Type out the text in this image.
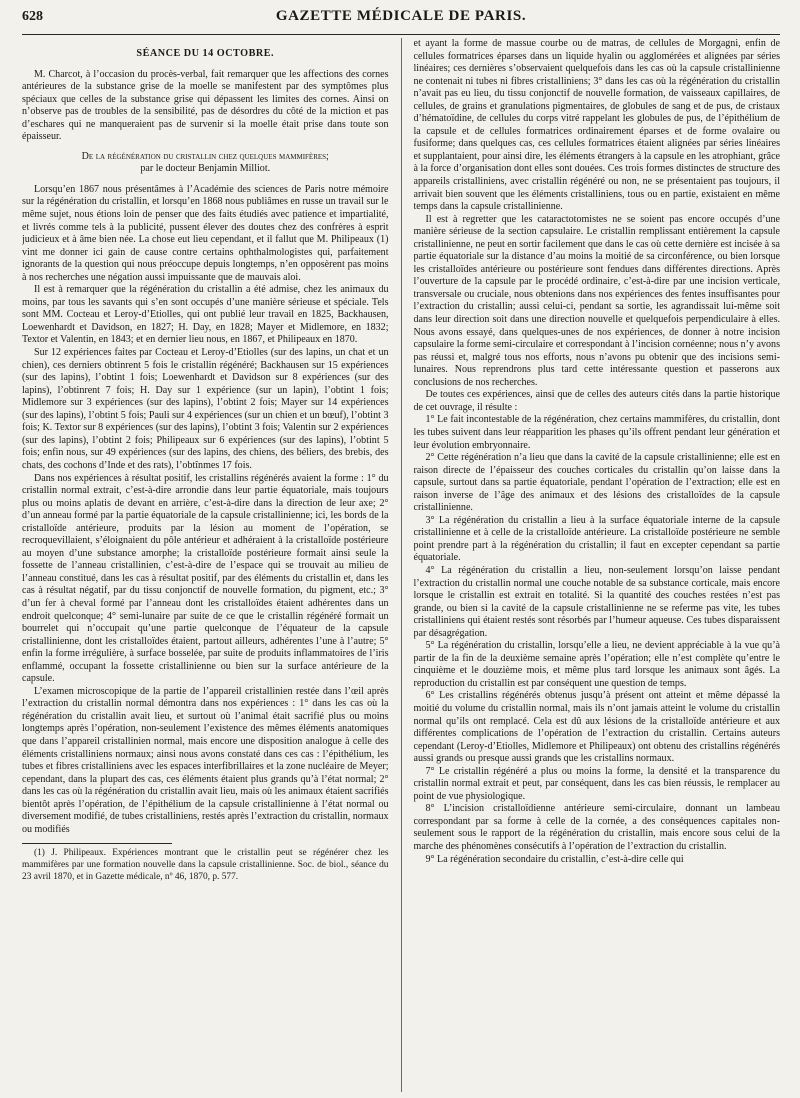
628	GAZETTE MÉDICALE DE PARIS.

SÉANCE DU 14 OCTOBRE.

M. Charcot, à l’occasion du procès-verbal, fait remarquer que les affections des cornes antérieures de la substance grise de la moelle se manifestent par des symptômes plus spéciaux que celles de la substance grise qui dépassent les limites des cornes. Ainsi on n’observe pas de troubles de la sensibilité, pas de désordres du côté de la miction et pas d’eschares qui ne manqueraient pas de survenir si la moelle était prise dans toute son épaisseur.

De la régénération du cristallin chez quelques mammifères;
par le docteur Benjamin Milliot.

Lorsqu’en 1867 nous présentâmes à l’Académie des sciences de Paris notre mémoire sur la régénération du cristallin, et lorsqu’en 1868 nous publiâmes en russe un travail sur le même sujet, nous étions loin de penser que des faits étudiés avec patience et impartialité, et livrés comme tels à la publicité, pussent élever des doutes chez des confrères à esprit judicieux et à âme bien née. La chose eut lieu cependant, et il fallut que M. Philipeaux (1) vint me donner ici gain de cause contre certains ophthalmologistes qui, parfaitement ignorants de la question qui nous préoccupe depuis longtemps, n’en opposèrent pas moins à nos recherches une négation aussi impuissante que de mauvais aloi.

Il est à remarquer que la régénération du cristallin a été admise, chez les animaux du moins, par tous les savants qui s’en sont occupés d’une manière sérieuse et spéciale. Tels sont MM. Cocteau et Leroy-d’Etiolles, qui ont publié leur travail en 1825, Backhausen, Loewenhardt et Davidson, en 1827; H. Day, en 1828; Mayer et Midlemore, en 1832; Textor et Valentin, en 1843; et en dernier lieu nous, en 1867, et Philipeaux en 1870.

Sur 12 expériences faites par Cocteau et Leroy-d’Etiolles (sur des lapins, un chat et un chien), ces derniers obtinrent 5 fois le cristallin régénéré; Backhausen sur 15 expériences (sur des lapins), l’obtint 1 fois; Loewenhardt et Davidson sur 8 expériences (sur des lapins), l’obtinrent 7 fois; H. Day sur 1 expérience (sur un lapin), l’obtint 1 fois; Midlemore sur 3 expériences (sur des lapins), l’obtint 2 fois; Mayer sur 14 expériences (sur des lapins), l’obtint 5 fois; Pauli sur 4 expériences (sur un chien et un bœuf), l’obtint 3 fois; K. Textor sur 8 expériences (sur des lapins), l’obtint 3 fois; Valentin sur 2 expériences (sur des lapins), l’obtint 2 fois; Philipeaux sur 6 expériences (sur des lapins), l’obtint 5 fois; enfin nous, sur 49 expériences (sur des lapins, des chiens, des béliers, des brebis, des chats, des cochons d’Inde et des rats), l’obtînmes 17 fois.

Dans nos expériences à résultat positif, les cristallins régénérés avaient la forme : 1° du cristallin normal extrait, c’est-à-dire arrondie dans leur partie équatoriale, mais toujours plus ou moins aplatis de devant en arrière, c’est-à-dire dans la direction de leur axe; 2° d’un anneau formé par la partie équatoriale de la capsule cristallinienne; ici, les bords de la cristalloïde antérieure, produits par la lésion au moment de l’opération, se recroquevillaient, s’éloignaient du pôle antérieur et adhéraient à la cristalloïde postérieure au moyen d’une substance amorphe; la cristalloïde postérieure formait ainsi seule la fossette de l’anneau cristallinien, c’est-à-dire de l’espace qui se trouvait au milieu de l’anneau constitué, dans les cas à résultat positif, par des éléments du cristallin et, dans les cas à résultat négatif, par du tissu conjonctif de nouvelle formation, du pigment, etc.; 3° d’un fer à cheval formé par l’anneau dont les cristalloïdes étaient adhérentes dans un endroit quelconque; 4° semi-lunaire par suite de ce que le cristallin régénéré formait un bourrelet qui n’occupait qu’une partie quelconque de l’équateur de la capsule cristallinienne, dont les cristalloïdes étaient, partout ailleurs, adhérentes l’une à l’autre; 5° enfin la forme irrégulière, à surface bosselée, par suite de produits inflammatoires de l’iris enflammé, occupant la fossette cristallinienne ou bien sur la surface antérieure de la capsule.

L’examen microscopique de la partie de l’appareil cristallinien restée dans l’œil après l’extraction du cristallin normal démontra dans nos expériences : 1° dans les cas où la régénération du cristallin avait lieu, et surtout où l’animal était sacrifié plus ou moins longtemps après l’opération, non-seulement l’existence des mêmes éléments anatomiques que dans l’appareil cristallinien normal, mais encore une disposition analogue à celle des éléments cristalliniens normaux; ainsi nous avons constaté dans ces cas : l’épithélium, les tubes et fibres cristalliniens avec les espaces interfibrillaires et la zone nucléaire de Meyer; cependant, dans la plupart des cas, ces éléments étaient plus grands qu’à l’état normal; 2° dans les cas où la régénération du cristallin avait lieu, mais où les animaux étaient sacrifiés bientôt après l’opération, de l’épithélium de la capsule cristallinienne à l’état normal ou diversement modifié, de tubes cristalliniens, restés après l’extraction du cristallin, normaux ou modifiés

(1) J. Philipeaux. Expériences montrant que le cristallin peut se régénérer chez les mammifères par une formation nouvelle dans la capsule cristallinienne. Soc. de biol., séance du 23 avril 1870, et in Gazette médicale, nº 46, 1870, p. 577.

et ayant la forme de massue courbe ou de matras, de cellules de Morgagni, enfin de cellules formatrices éparses dans un liquide hyalin ou agglomérées et alignées par séries linéaires; ces dernières s’observaient quelquefois dans les cas où la capsule cristallinienne ne contenait ni tubes ni fibres cristalliniens; 3° dans les cas où la régénération du cristallin n’avait pas eu lieu, du tissu conjonctif de nouvelle formation, de vaisseaux capillaires, de cellules, de grains et granulations pigmentaires, de globules de sang et de pus, de cristaux d’hématoïdine, de cellules du corps vitré rappelant les globules de pus, de l’épithélium de la capsule et de cellules formatrices ordinairement éparses et de forme ovalaire ou fusiforme; dans quelques cas, ces cellules formatrices étaient alignées par séries linéaires et supplantaient, pour ainsi dire, les éléments étrangers à la capsule en les atrophiant, grâce à la force d’organisation dont elles sont douées. Ces trois formes distinctes de structure des appareils cristalliniens, avec cristallin régénéré ou non, ne se présentaient pas toujours, il arrivait bien souvent que les éléments cristalliniens, tous ou en partie, existaient en même temps dans la capsule cristallinienne.

Il est à regretter que les cataractotomistes ne se soient pas encore occupés d’une manière sérieuse de la section capsulaire. Le cristallin remplissant entièrement la capsule cristallinienne, ne peut en sortir facilement que dans le cas où cette dernière est incisée à sa partie équatoriale sur la distance d’au moins la moitié de sa circonférence, ou bien lorsque les cristalloïdes antérieure ou postérieure sont fendues dans différentes directions. Après l’ouverture de la capsule par le procédé ordinaire, c’est-à-dire par une incision verticale, transversale ou cruciale, nous obtenions dans nos expériences des fentes insuffisantes pour l’extraction du cristallin; aussi celui-ci, pendant sa sortie, les agrandissait lui-même soit dans leur direction soit dans une direction nouvelle et quelquefois perpendiculaire à elles. Nous avons essayé, dans quelques-unes de nos expériences, de donner à notre incision capsulaire la forme semi-circulaire et correspondant à l’incision cornéenne; nous n’y avons pas réussi et, malgré tous nos efforts, nous n’avons pu obtenir que des incisions semi-lunaires. Nous reprendrons plus tard cette intéressante question et passerons aux conclusions de nos recherches.

De toutes ces expériences, ainsi que de celles des auteurs cités dans la partie historique de cet ouvrage, il résulte :

1° Le fait incontestable de la régénération, chez certains mammifères, du cristallin, dont les tubes suivent dans leur réapparition les phases qu’ils offrent pendant leur génération et leur évolution embryonnaire.

2° Cette régénération n’a lieu que dans la cavité de la capsule cristallinienne; elle est en raison directe de l’épaisseur des couches corticales du cristallin qu’on laisse dans la capsule, surtout dans sa partie équatoriale, pendant l’opération de l’extraction; elle est en raison inverse de l’âge des animaux et des lésions des cristalloïdes de la capsule cristallinienne.

3° La régénération du cristallin a lieu à la surface équatoriale interne de la capsule cristallinienne et à celle de la cristalloïde antérieure. La cristalloïde postérieure ne semble point prendre part à la régénération du cristallin; il faut en excepter cependant sa partie équatoriale.

4° La régénération du cristallin a lieu, non-seulement lorsqu’on laisse pendant l’extraction du cristallin normal une couche notable de sa substance corticale, mais encore lorsque le cristallin est extrait en totalité. Si la quantité des couches restées n’est pas grande, ou bien si la cavité de la capsule cristallinienne ne se referme pas vite, les tubes cristalliniens qui étaient restés sont résorbés par l’humeur aqueuse. Ces tubes disparaissent par désagrégation.

5° La régénération du cristallin, lorsqu’elle a lieu, ne devient appréciable à la vue qu’à partir de la fin de la deuxième semaine après l’opération; elle n’est complète qu’entre le cinquième et le douzième mois, et même plus tard lorsque les animaux sont âgés. La reproduction du cristallin est par conséquent une question de temps.

6° Les cristallins régénérés obtenus jusqu’à présent ont atteint et même dépassé la moitié du volume du cristallin normal, mais ils n’ont jamais atteint le volume du cristallin normal qu’ils ont remplacé. Cela est dû aux lésions de la cristalloïde antérieure et aux différentes complications de l’opération de l’extraction du cristallin. Certains auteurs cependant (Leroy-d’Etiolles, Midlemore et Philipeaux) ont obtenu des cristallins régénérés aussi grands ou presque aussi grands que les cristallins normaux.

7° Le cristallin régénéré a plus ou moins la forme, la densité et la transparence du cristallin normal extrait et peut, par conséquent, dans les cas bien réussis, le remplacer au point de vue physiologique.

8° L’incision cristalloïdienne antérieure semi-circulaire, donnant un lambeau correspondant par sa forme à celle de la cornée, a des conséquences capitales non-seulement sous le rapport de la régénération du cristallin, mais encore sous celui de la marche des phénomènes consécutifs à l’opération de l’extraction du cristallin.

9° La régénération secondaire du cristallin, c’est-à-dire celle qui
